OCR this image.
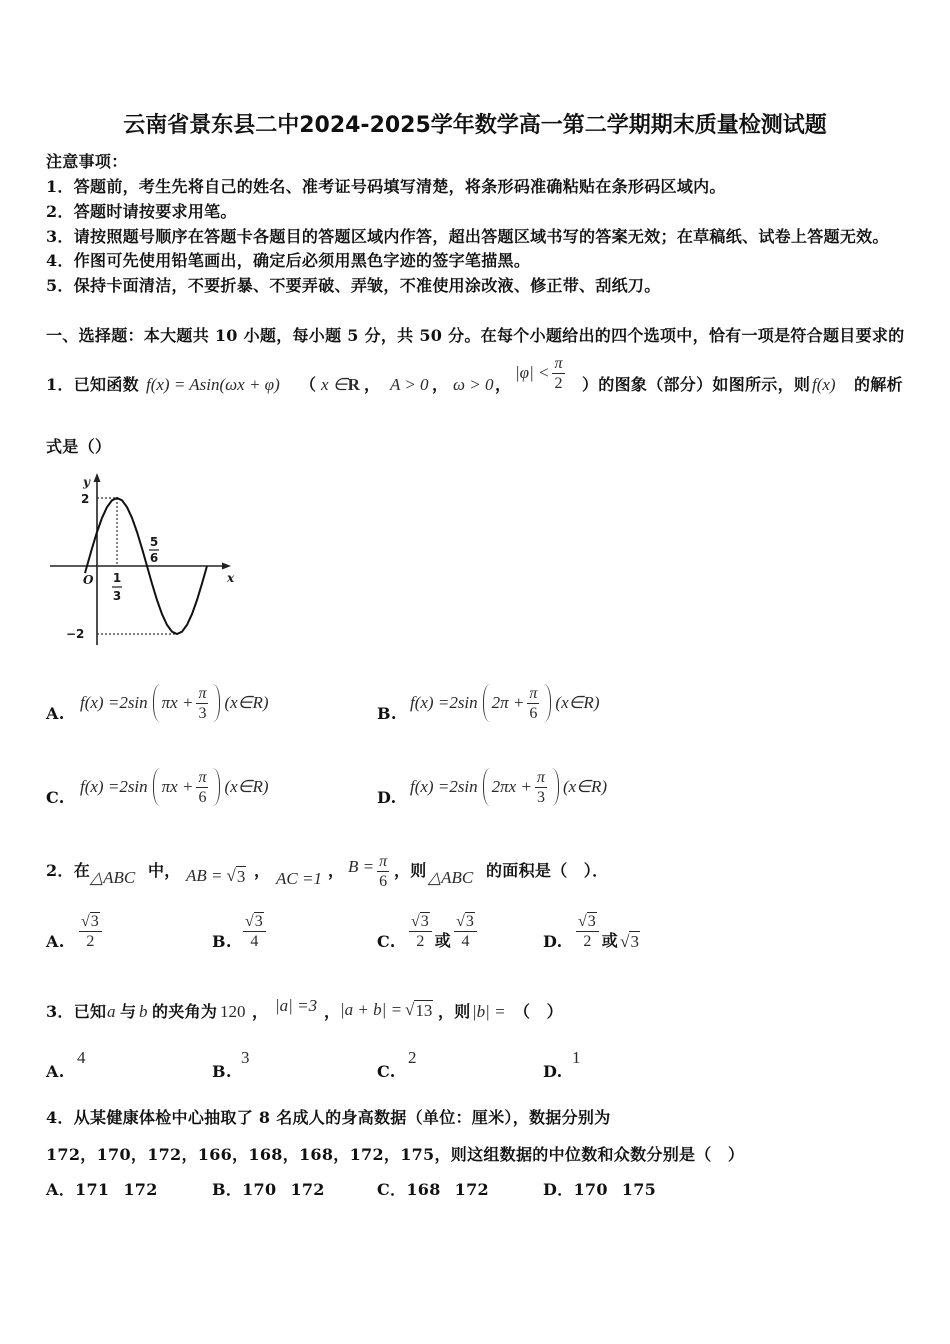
云南省景东县二中2024-2025学年数学高一第二学期期末质量检测试题
注意事项：
1．答题前，考生先将自己的姓名、准考证号码填写清楚，将条形码准确粘贴在条形码区域内。
2．答题时请按要求用笔。
3．请按照题号顺序在答题卡各题目的答题区域内作答，超出答题区域书写的答案无效；在草稿纸、试卷上答题无效。
4．作图可先使用铅笔画出，确定后必须用黑色字迹的签字笔描黑。
5．保持卡面清洁，不要折暴、不要弄破、弄皱，不准使用涂改液、修正带、刮纸刀。
一、选择题：本大题共 10 小题，每小题 5 分，共 50 分。在每个小题给出的四个选项中，恰有一项是符合题目要求的
1．已知函数 f(x) = Asin(ωx + φ) （ x ∈ R ， A > 0 ， ω > 0 ，
$|\varphi| < \frac{\pi}{2}$ ）的图象（部分）如图所示，则 f(x) 的解析
式是（）
y
2
O 1
3
5
6
x
−2
A.
f(x) =2sin $\pi x + \frac{\pi}{3}$ (x∈R)
B.
f(x) =2sin $2\pi + \frac{\pi}{6}$ (x∈R)
C.
f(x) =2sin $\pi x + \frac{\pi}{6}$ (x∈R)
D.
f(x) =2sin $2\pi x + \frac{\pi}{3}$ (x∈R)
2．在 △ABC 中， AB = √ 3 ， AC =1 ， $B = \frac{\pi}{6}$ ，则 △ABC 的面积是（　）．
A. $\frac{√3}{2}$	B. $\frac{√3}{4}$	C. $\frac{√3}{2}$ 或 $\frac{√3}{4}$	D. $\frac{√3}{2}$ 或 √3
3．已知 a 与 b 的夹角为 120 ， |a| =3 ， |a + b| = √ 13 ，则 |b| = （　）
A.
4
B.
3
C.
2
D.
1
4．从某健康体检中心抽取了 8 名成人的身高数据（单位：厘米），数据分别为
172，170，172，166，168，168，172，175，则这组数据的中位数和众数分别是（　）
A．171 172	B．170 172	C．168 172	D．170 175
